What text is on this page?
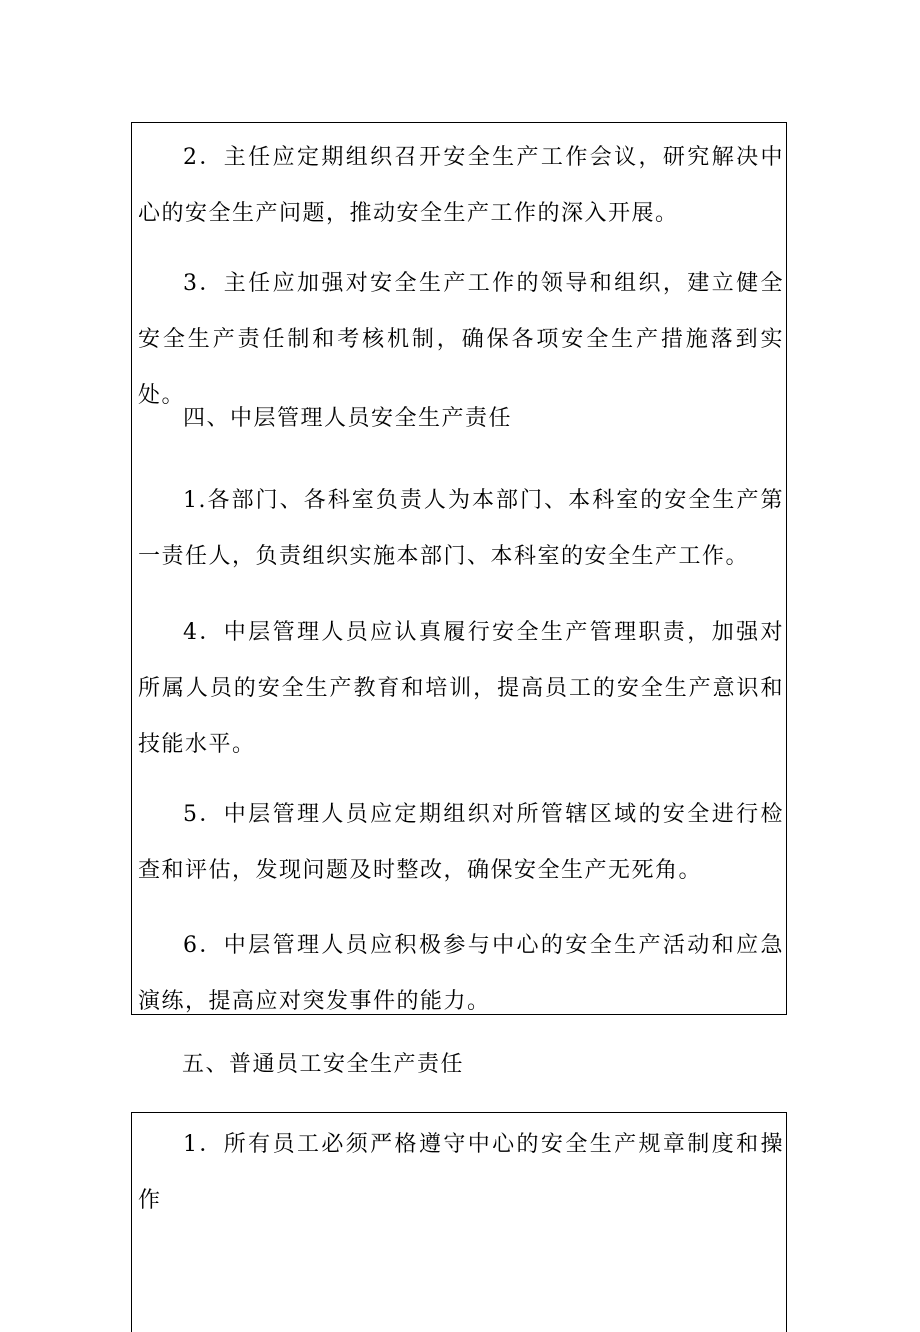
2．主任应定期组织召开安全生产工作会议，研究解决中心的安全生产问题，推动安全生产工作的深入开展。

3．主任应加强对安全生产工作的领导和组织，建立健全安全生产责任制和考核机制，确保各项安全生产措施落到实处。

四、中层管理人员安全生产责任

1.各部门、各科室负责人为本部门、本科室的安全生产第一责任人，负责组织实施本部门、本科室的安全生产工作。

4．中层管理人员应认真履行安全生产管理职责，加强对所属人员的安全生产教育和培训，提高员工的安全生产意识和技能水平。

5．中层管理人员应定期组织对所管辖区域的安全进行检查和评估，发现问题及时整改，确保安全生产无死角。

6．中层管理人员应积极参与中心的安全生产活动和应急演练，提高应对突发事件的能力。

五、普通员工安全生产责任

1．所有员工必须严格遵守中心的安全生产规章制度和操作
